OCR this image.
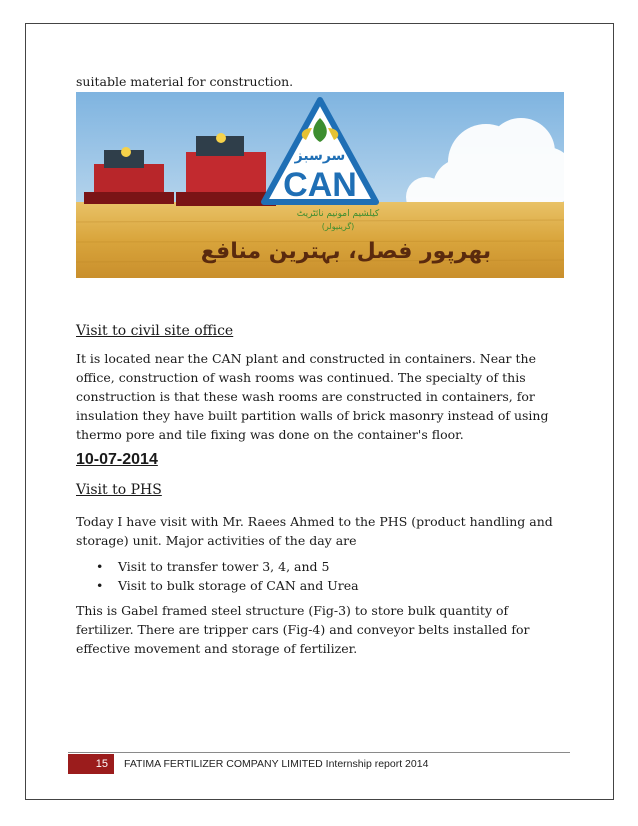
suitable material for construction.
سرسبز
CAN
کیلشیم امونیم نائٹریٹ
(گرینیولر)
بھرپور فصل، بہترین منافع
Visit to civil site office
It is located near the CAN plant and constructed in containers. Near the office, construction of wash rooms was continued. The specialty of this construction is that these wash rooms are constructed in containers, for insulation they have built partition walls of brick masonry instead of using thermo pore and tile fixing was done on the container's floor.
10-07-2014
Visit to PHS
Today I have visit with Mr. Raees Ahmed to the PHS (product handling and storage) unit. Major activities of the day are
• Visit to transfer tower 3, 4, and 5
• Visit to bulk storage of CAN and Urea
This is Gabel framed steel structure (Fig-3) to store bulk quantity of fertilizer. There are tripper cars (Fig-4) and conveyor belts installed for effective movement and storage of fertilizer.
15	FATIMA FERTILIZER COMPANY LIMITED Internship report 2014
